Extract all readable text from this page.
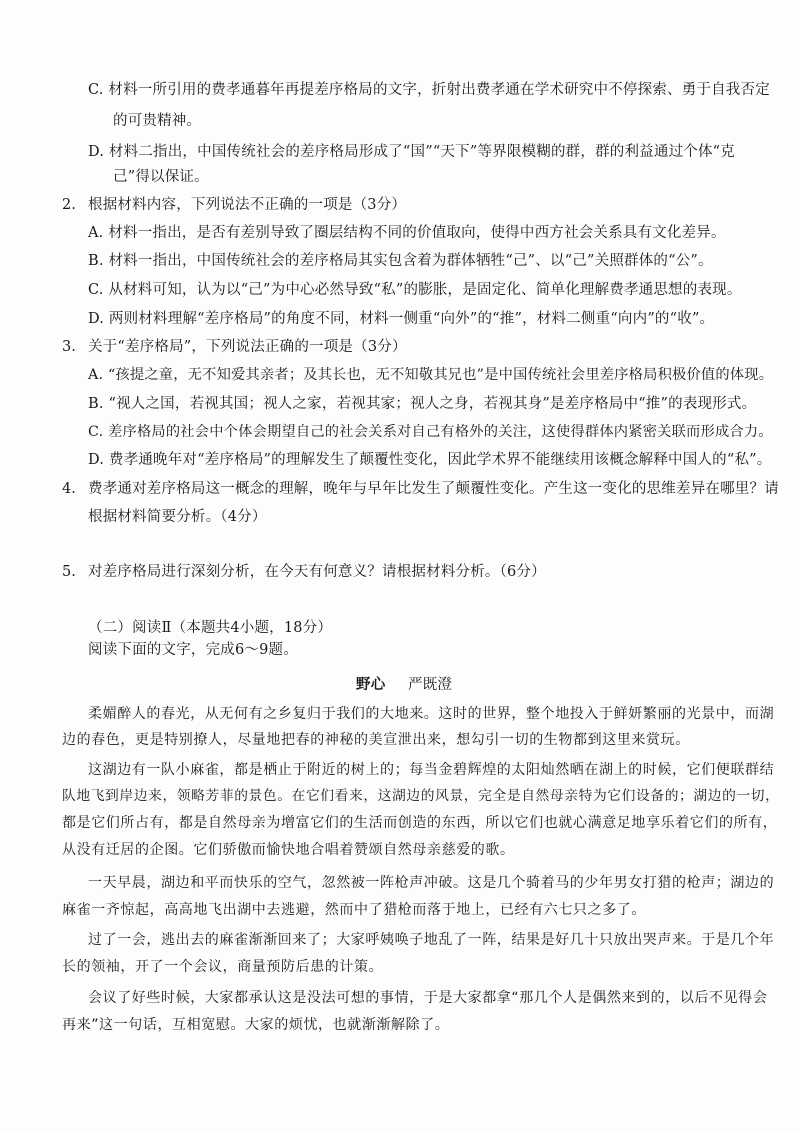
C. 材料一所引用的费孝通暮年再提差序格局的文字，折射出费孝通在学术研究中不停探索、勇于自我否定
的可贵精神。
D. 材料二指出，中国传统社会的差序格局形成了“国”“天下”等界限模糊的群，群的利益通过个体“克
己”得以保证。
2. 根据材料内容，下列说法不正确的一项是（3分）
A. 材料一指出，是否有差别导致了圈层结构不同的价值取向，使得中西方社会关系具有文化差异。
B. 材料一指出，中国传统社会的差序格局其实包含着为群体牺牲“己”、以“己”关照群体的“公”。
C. 从材料可知，认为以“己”为中心必然导致“私”的膨胀，是固定化、简单化理解费孝通思想的表现。
D. 两则材料理解“差序格局”的角度不同，材料一侧重“向外”的“推”，材料二侧重“向内”的“收”。
3. 关于“差序格局”，下列说法正确的一项是（3分）
A. “孩提之童，无不知爱其亲者；及其长也，无不知敬其兄也”是中国传统社会里差序格局积极价值的体现。
B. “视人之国，若视其国；视人之家，若视其家；视人之身，若视其身”是差序格局中“推”的表现形式。
C. 差序格局的社会中个体会期望自己的社会关系对自己有格外的关注，这使得群体内紧密关联而形成合力。
D. 费孝通晚年对“差序格局”的理解发生了颠覆性变化，因此学术界不能继续用该概念解释中国人的“私”。
4. 费孝通对差序格局这一概念的理解，晚年与早年比发生了颠覆性变化。产生这一变化的思维差异在哪里？请
根据材料简要分析。（4分）
5. 对差序格局进行深刻分析，在今天有何意义？请根据材料分析。（6分）
（二）阅读Ⅱ（本题共4小题，18分）
阅读下面的文字，完成6～9题。
野心 严既澄
柔媚醉人的春光，从无何有之乡复归于我们的大地来。这时的世界，整个地投入于鲜妍繁丽的光景中，而湖
边的春色，更是特别撩人，尽量地把春的神秘的美宣泄出来，想勾引一切的生物都到这里来赏玩。
这湖边有一队小麻雀，都是栖止于附近的树上的；每当金碧辉煌的太阳灿然晒在湖上的时候，它们便联群结
队地飞到岸边来，领略芳菲的景色。在它们看来，这湖边的风景，完全是自然母亲特为它们设备的；湖边的一切，
都是它们所占有，都是自然母亲为增富它们的生活而创造的东西，所以它们也就心满意足地享乐着它们的所有，
从没有迁居的企图。它们骄傲而愉快地合唱着赞颂自然母亲慈爱的歌。
一天早晨，湖边和平而快乐的空气，忽然被一阵枪声冲破。这是几个骑着马的少年男女打猎的枪声；湖边的
麻雀一齐惊起，高高地飞出湖中去逃避，然而中了猎枪而落于地上，已经有六七只之多了。
过了一会，逃出去的麻雀渐渐回来了；大家呼姨唤子地乱了一阵，结果是好几十只放出哭声来。于是几个年
长的领袖，开了一个会议，商量预防后患的计策。
会议了好些时候，大家都承认这是没法可想的事情，于是大家都拿“那几个人是偶然来到的，以后不见得会
再来”这一句话，互相宽慰。大家的烦忧，也就渐渐解除了。
